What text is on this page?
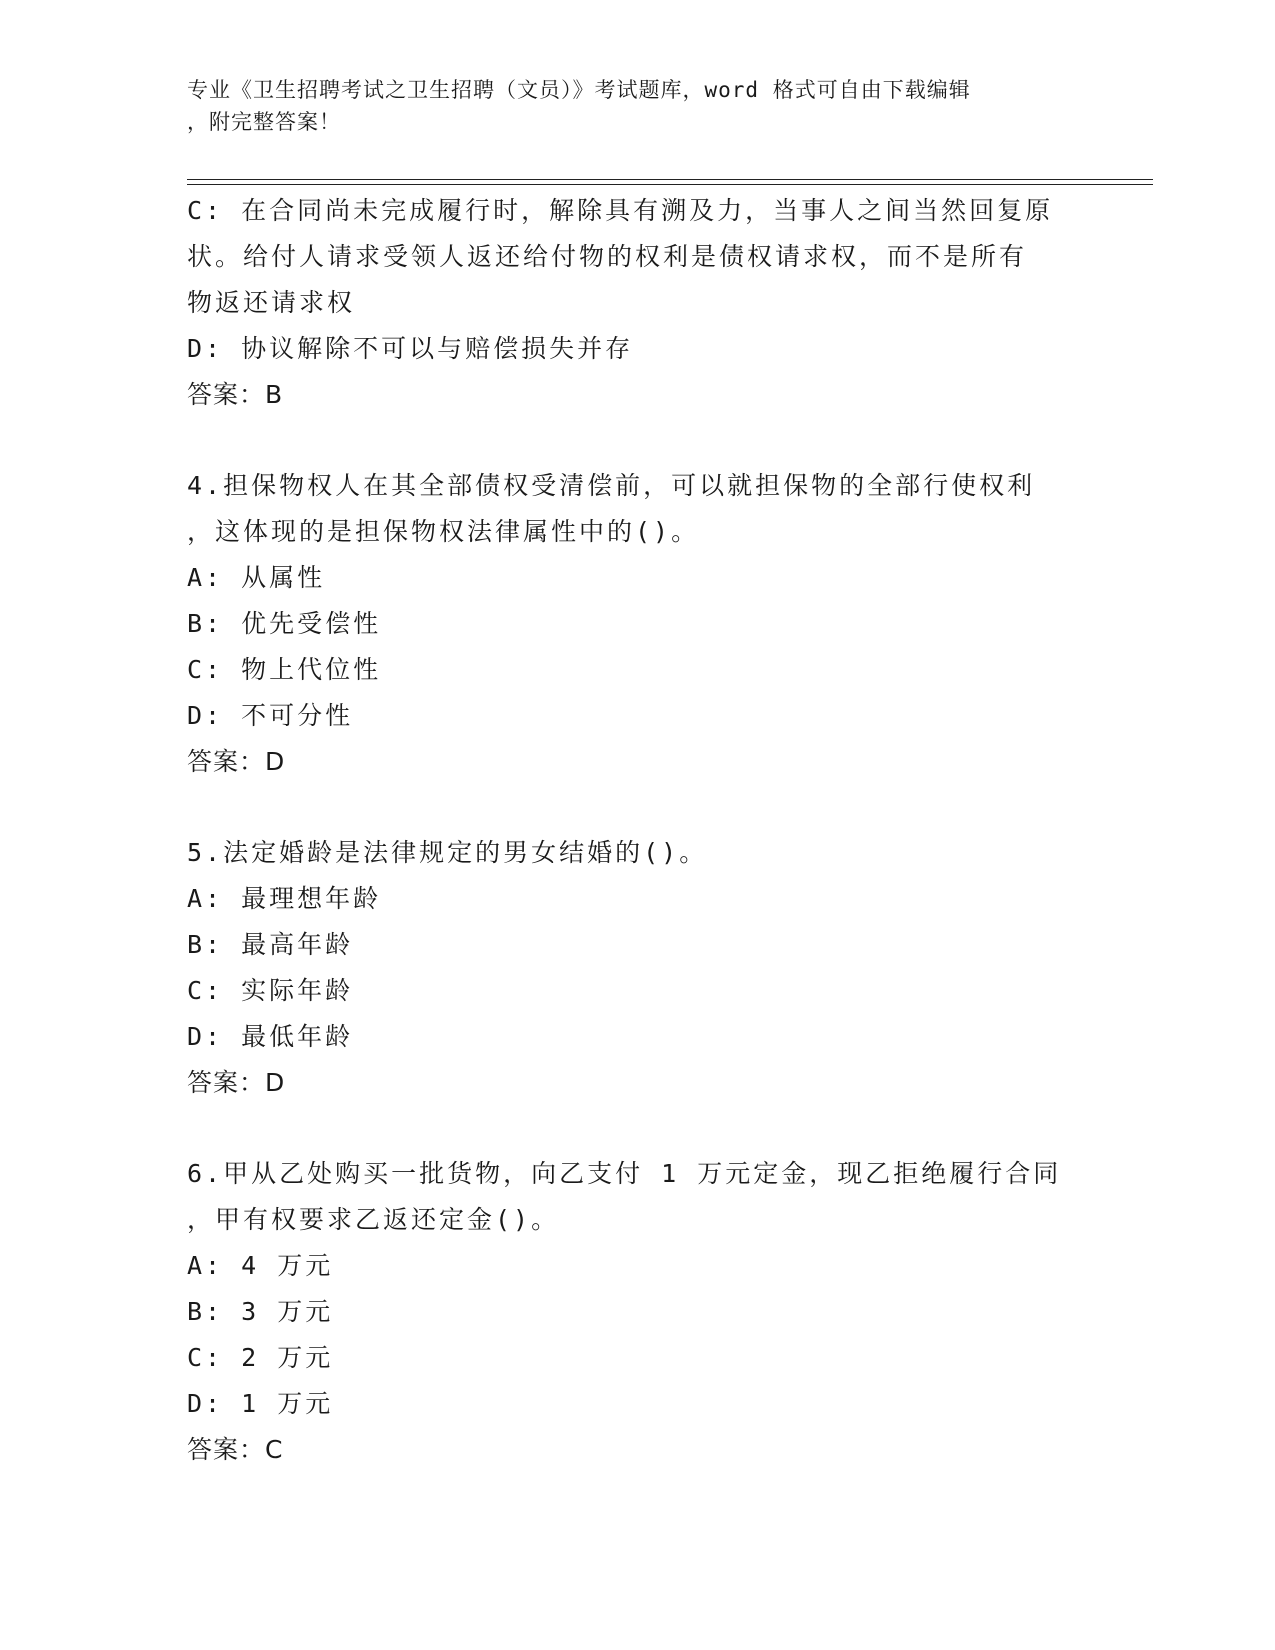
专业《卫生招聘考试之卫生招聘（文员）》考试题库，word 格式可自由下载编辑
，附完整答案！
C: 在合同尚未完成履行时，解除具有溯及力，当事人之间当然回复原
状。给付人请求受领人返还给付物的权利是债权请求权，而不是所有
物返还请求权
D: 协议解除不可以与赔偿损失并存
答案：B
4.担保物权人在其全部债权受清偿前，可以就担保物的全部行使权利
，这体现的是担保物权法律属性中的()。
A: 从属性
B: 优先受偿性
C: 物上代位性
D: 不可分性
答案：D
5.法定婚龄是法律规定的男女结婚的()。
A: 最理想年龄
B: 最高年龄
C: 实际年龄
D: 最低年龄
答案：D
6.甲从乙处购买一批货物，向乙支付 1 万元定金，现乙拒绝履行合同
，甲有权要求乙返还定金()。
A: 4 万元
B: 3 万元
C: 2 万元
D: 1 万元
答案：C
